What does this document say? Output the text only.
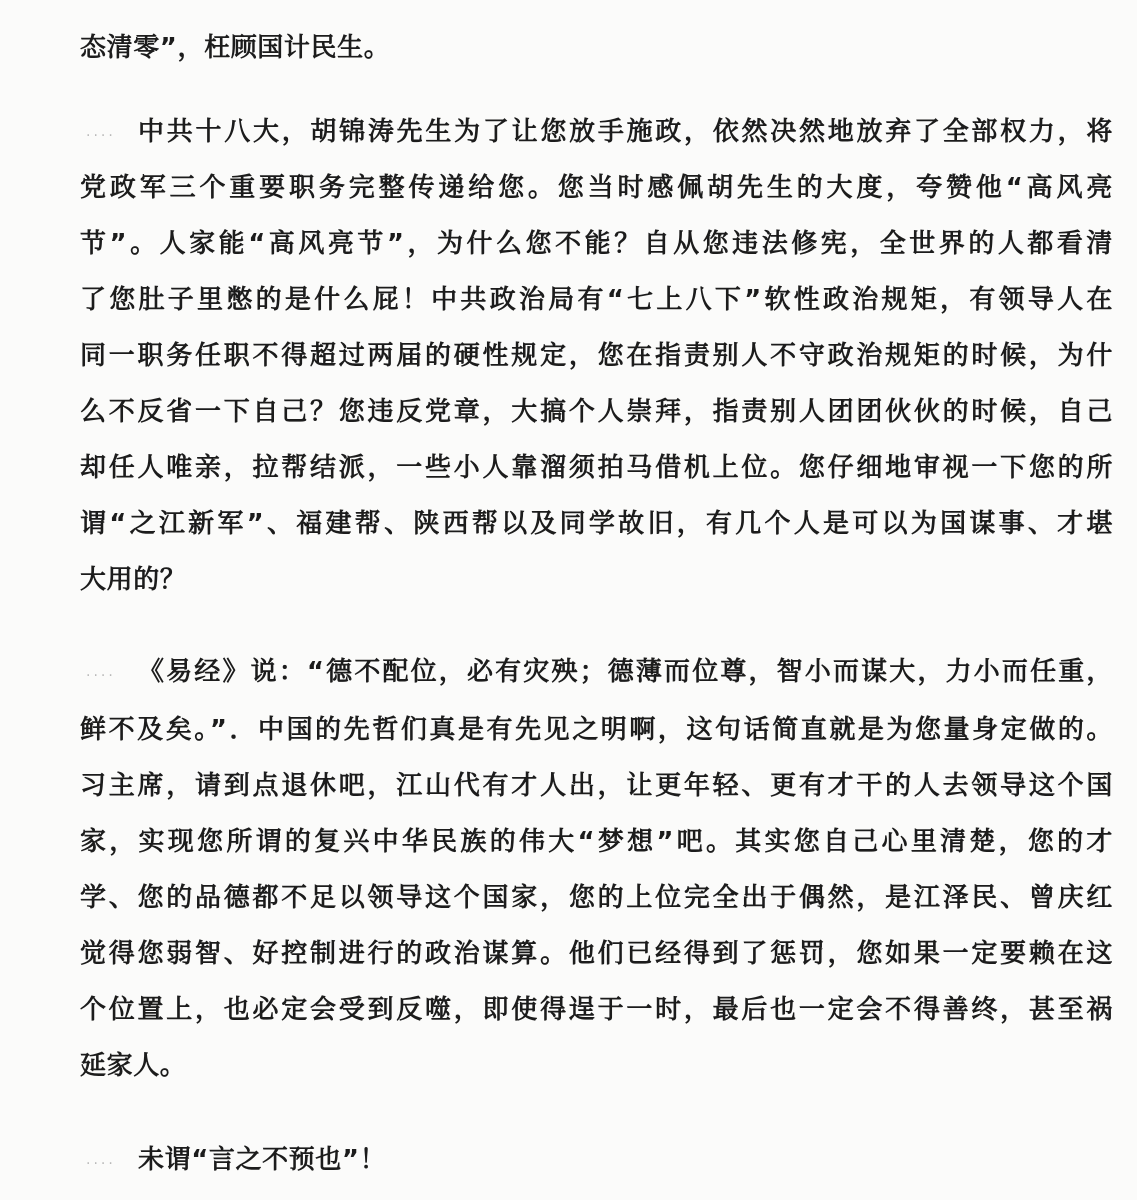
态清零”，枉顾国计民生。
.... 中共十八大，胡锦涛先生为了让您放手施政，依然决然地放弃了全部权力，将
党政军三个重要职务完整传递给您。您当时感佩胡先生的大度，夸赞他“高风亮
节”。人家能“高风亮节”，为什么您不能？自从您违法修宪，全世界的人都看清
了您肚子里憋的是什么屁！中共政治局有“七上八下”软性政治规矩，有领导人在
同一职务任职不得超过两届的硬性规定，您在指责别人不守政治规矩的时候，为什
么不反省一下自己？您违反党章，大搞个人崇拜，指责别人团团伙伙的时候，自己
却任人唯亲，拉帮结派，一些小人靠溜须拍马借机上位。您仔细地审视一下您的所
谓“之江新军”、福建帮、陕西帮以及同学故旧，有几个人是可以为国谋事、才堪
大用的？
.... 《易经》说：“德不配位，必有灾殃；德薄而位尊，智小而谋大，力小而任重，
鲜不及矣。”．中国的先哲们真是有先见之明啊，这句话简直就是为您量身定做的。
习主席，请到点退休吧，江山代有才人出，让更年轻、更有才干的人去领导这个国
家，实现您所谓的复兴中华民族的伟大“梦想”吧。其实您自己心里清楚，您的才
学、您的品德都不足以领导这个国家，您的上位完全出于偶然，是江泽民、曾庆红
觉得您弱智、好控制进行的政治谋算。他们已经得到了惩罚，您如果一定要赖在这
个位置上，也必定会受到反噬，即使得逞于一时，最后也一定会不得善终，甚至祸
延家人。
.... 未谓“言之不预也”！
